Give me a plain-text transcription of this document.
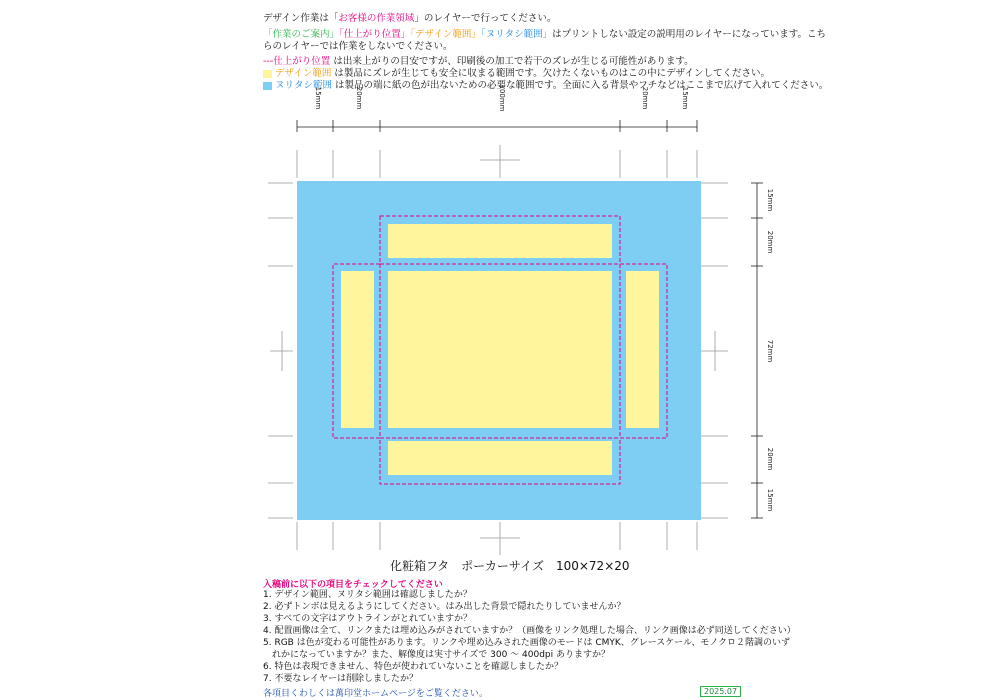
デザイン作業は「お客様の作業領域」のレイヤーで行ってください。
「作業のご案内」「仕上がり位置」「デザイン範囲」「ヌリタシ範囲」はプリントしない設定の説明用のレイヤーになっています。こち
らのレイヤーでは作業をしないでください。
---仕上がり位置 は出来上がりの目安ですが、印刷後の加工で若干のズレが生じる可能性があります。
デザイン範囲 は製品にズレが生じても安全に収まる範囲です。欠けたくないものはこの中にデザインしてください。
ヌリタシ範囲 は製品の端に紙の色が出ないための必要な範囲です。全面に入る背景やフチなどはここまで広げて入れてください。
15mm	20mm	100mm	20mm	15mm
15mm
20mm
72mm
20mm
15mm
化粧箱フタ　ポーカーサイズ　100×72×20
入稿前に以下の項目をチェックしてください
1. デザイン範囲、ヌリタシ範囲は確認しましたか？
2. 必ずトンボは見えるようにしてください。はみ出した背景で隠れたりしていませんか？
3. すべての文字はアウトラインがとれていますか？
4. 配置画像は全て、リンクまたは埋め込みがされていますか？（画像をリンク処理した場合、リンク画像は必ず同送してください）
5. RGB は色が変わる可能性があります。リンクや埋め込みされた画像のモードは CMYK、グレースケール、モノクロ２階調のいず
　れかになっていますか？また、解像度は実寸サイズで 300 ～ 400dpi ありますか？
6. 特色は表現できません、特色が使われていないことを確認しましたか？
7. 不要なレイヤーは削除しましたか？
各項目くわしくは萬印堂ホームページをご覧ください。	2025.07
